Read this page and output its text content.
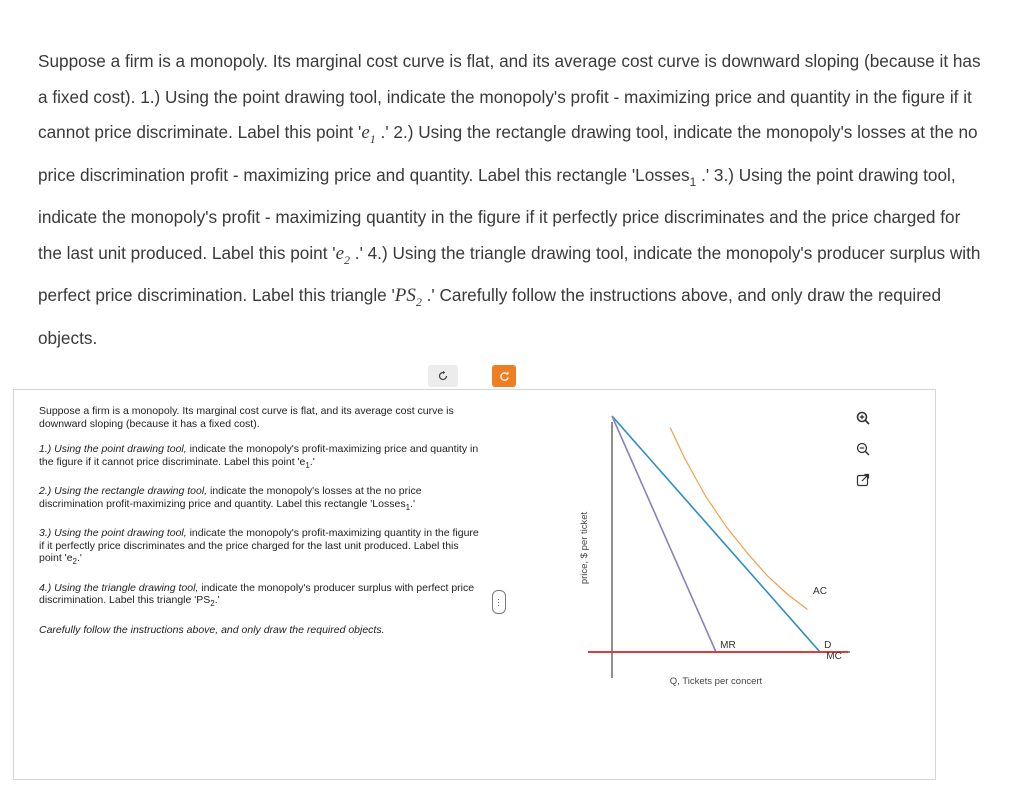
Suppose a firm is a monopoly. Its marginal cost curve is flat, and its average cost curve is downward sloping (because it has a fixed cost). 1.) Using the point drawing tool, indicate the monopoly's profit - maximizing price and quantity in the figure if it cannot price discriminate. Label this point '$e_1$ .' 2.) Using the rectangle drawing tool, indicate the monopoly's losses at the no price discrimination profit - maximizing price and quantity. Label this rectangle 'Losses$_1$ .' 3.) Using the point drawing tool, indicate the monopoly's profit - maximizing quantity in the figure if it perfectly price discriminates and the price charged for the last unit produced. Label this point '$e_2$ .' 4.) Using the triangle drawing tool, indicate the monopoly's producer surplus with perfect price discrimination. Label this triangle '$PS_2$ .' Carefully follow the instructions above, and only draw the required objects.

Suppose a firm is a monopoly. Its marginal cost curve is flat, and its average cost curve is downward sloping (because it has a fixed cost).

1.) Using the point drawing tool, indicate the monopoly's profit-maximizing price and quantity in the figure if it cannot price discriminate. Label this point '$e_1$.'

2.) Using the rectangle drawing tool, indicate the monopoly's losses at the no price discrimination profit-maximizing price and quantity. Label this rectangle 'Losses$_1$.'

3.) Using the point drawing tool, indicate the monopoly's profit-maximizing quantity in the figure if it perfectly price discriminates and the price charged for the last unit produced. Label this point '$e_2$.'

4.) Using the triangle drawing tool, indicate the monopoly's producer surplus with perfect price discrimination. Label this triangle '$PS_2$.'

Carefully follow the instructions above, and only draw the required objects.

⋯
MR
AC
D
MC
price, $ per ticket
Q, Tickets per concert
